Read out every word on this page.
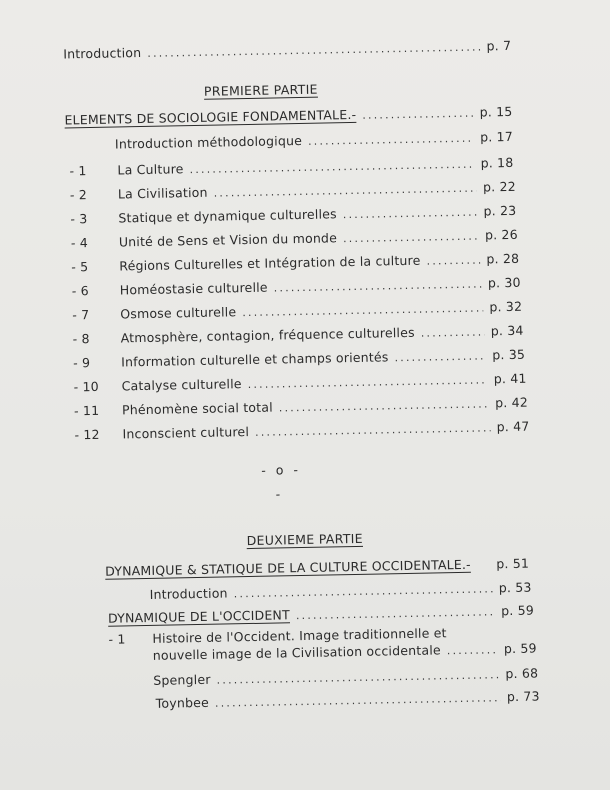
Introduction .....	p. 7
PREMIERE PARTIE
ELEMENTS DE SOCIOLOGIE FONDAMENTALE.- .....	p. 15
Introduction méthodologique .....	p. 17
- 1	La Culture .....	p. 18
- 2	La Civilisation .....	p. 22
- 3	Statique et dynamique culturelles .....	p. 23
- 4	Unité de Sens et Vision du monde .....	p. 26
- 5	Régions Culturelles et Intégration de la culture .....	p. 28
- 6	Homéostasie culturelle .....	p. 30
- 7	Osmose culturelle .....	p. 32
- 8	Atmosphère, contagion, fréquence culturelles .....	p. 34
- 9	Information culturelle et champs orientés .....	p. 35
- 10	Catalyse culturelle .....	p. 41
- 11	Phénomène social total .....	p. 42
- 12	Inconscient culturel .....	p. 47
- o -
-
DEUXIEME PARTIE
DYNAMIQUE & STATIQUE DE LA CULTURE OCCIDENTALE.- p. 51
Introduction .....	p. 53
DYNAMIQUE DE L'OCCIDENT .....	p. 59
- 1	Histoire de l'Occident. Image traditionnelle et
nouvelle image de la Civilisation occidentale .....	p. 59
Spengler .....	p. 68
Toynbee .....	p. 73
